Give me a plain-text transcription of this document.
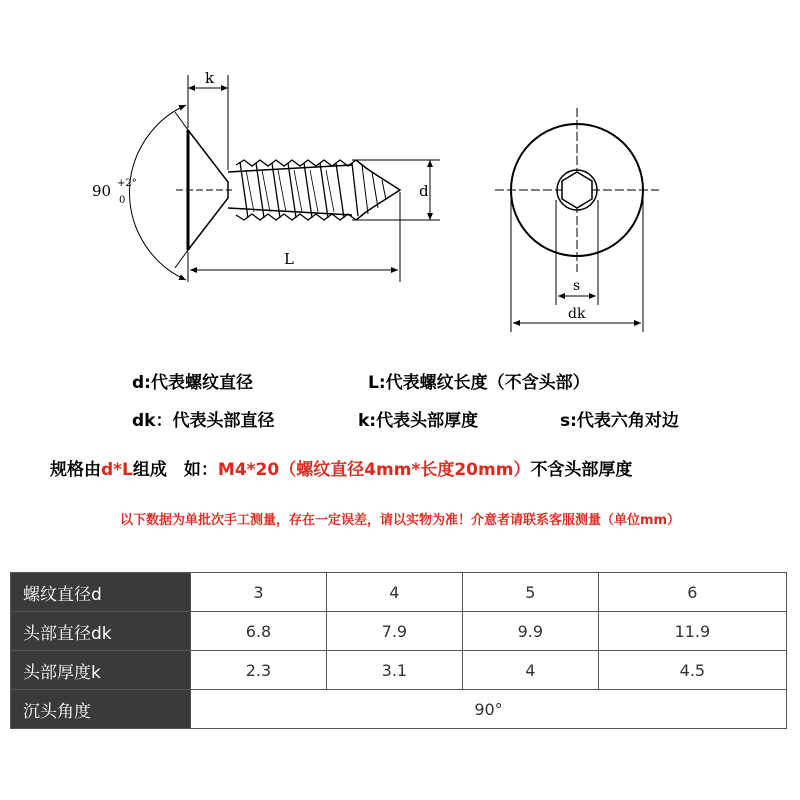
k
90 +2°
0
d
L
s
dk
d:代表螺纹直径	L:代表螺纹长度（不含头部）
dk：代表头部直径	k:代表头部厚度	s:代表六角对边
规格由d*L组成　如：M4*20（螺纹直径4mm*长度20mm）不含头部厚度
以下数据为单批次手工测量，存在一定误差，请以实物为准！介意者请联系客服测量（单位mm）
螺纹直径d	3	4	5	6
头部直径dk	6.8	7.9	9.9	11.9
头部厚度k	2.3	3.1	4	4.5
沉头角度	90°			
